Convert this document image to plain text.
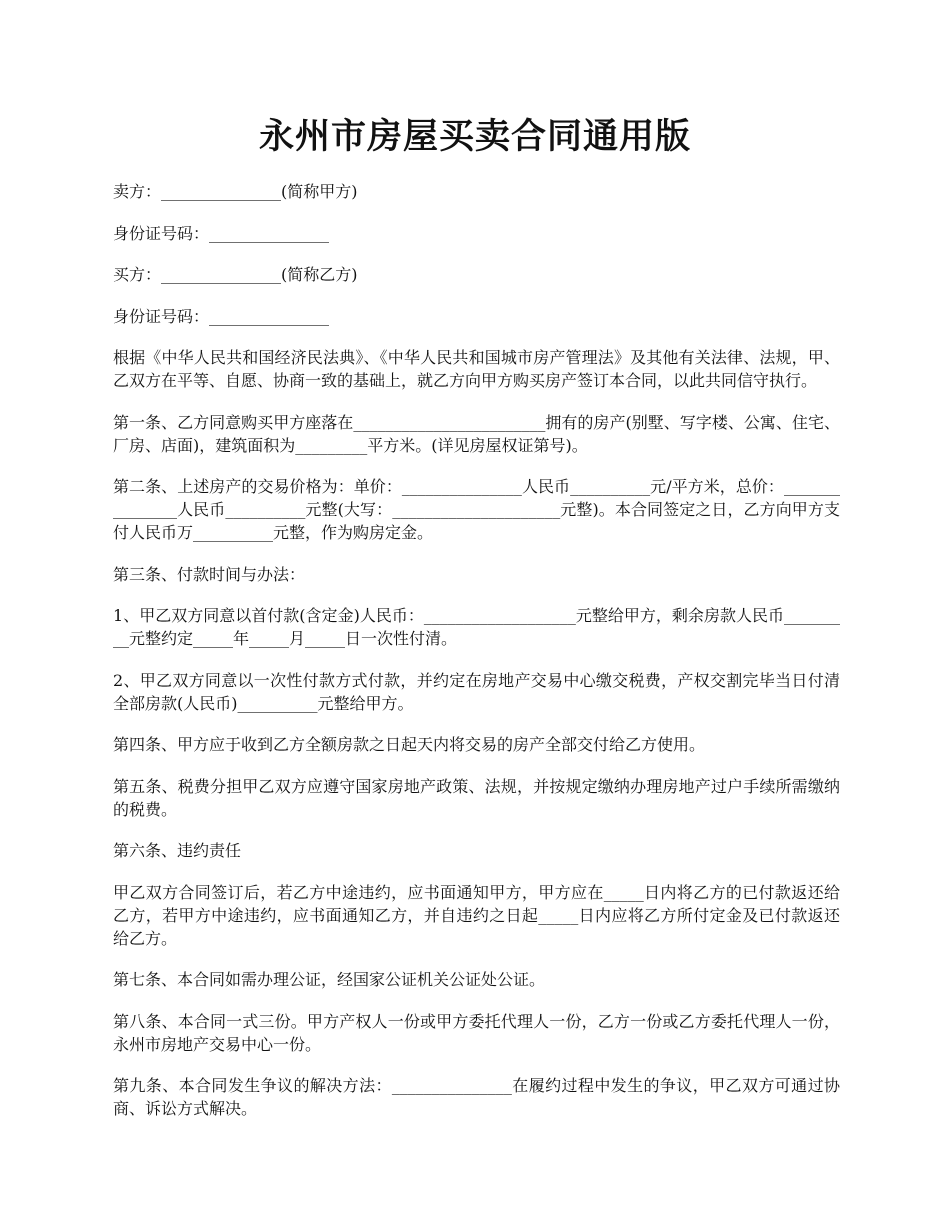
永州市房屋买卖合同通用版

卖方：_______________(简称甲方)

身份证号码：_______________

买方：_______________(简称乙方)

身份证号码：_______________

根据《中华人民共和国经济民法典》、《中华人民共和国城市房产管理法》及其他有关法律、法规，甲、乙双方在平等、自愿、协商一致的基础上，就乙方向甲方购买房产签订本合同，以此共同信守执行。

第一条、乙方同意购买甲方座落在________________________拥有的房产(别墅、写字楼、公寓、住宅、厂房、店面)，建筑面积为_________平方米。(详见房屋权证第号)。

第二条、上述房产的交易价格为：单价：_______________人民币__________元/平方米，总价：_______________人民币__________元整(大写：_____________________元整)。本合同签定之日，乙方向甲方支付人民币万__________元整，作为购房定金。

第三条、付款时间与办法：

1、甲乙双方同意以首付款(含定金)人民币：___________________元整给甲方，剩余房款人民币_________元整约定_____年_____月_____日一次性付清。

2、甲乙双方同意以一次性付款方式付款，并约定在房地产交易中心缴交税费，产权交割完毕当日付清全部房款(人民币)__________元整给甲方。

第四条、甲方应于收到乙方全额房款之日起天内将交易的房产全部交付给乙方使用。

第五条、税费分担甲乙双方应遵守国家房地产政策、法规，并按规定缴纳办理房地产过户手续所需缴纳的税费。

第六条、违约责任

甲乙双方合同签订后，若乙方中途违约，应书面通知甲方，甲方应在_____日内将乙方的已付款返还给乙方，若甲方中途违约，应书面通知乙方，并自违约之日起_____日内应将乙方所付定金及已付款返还给乙方。

第七条、本合同如需办理公证，经国家公证机关公证处公证。

第八条、本合同一式三份。甲方产权人一份或甲方委托代理人一份，乙方一份或乙方委托代理人一份，永州市房地产交易中心一份。

第九条、本合同发生争议的解决方法：_______________在履约过程中发生的争议，甲乙双方可通过协商、诉讼方式解决。
